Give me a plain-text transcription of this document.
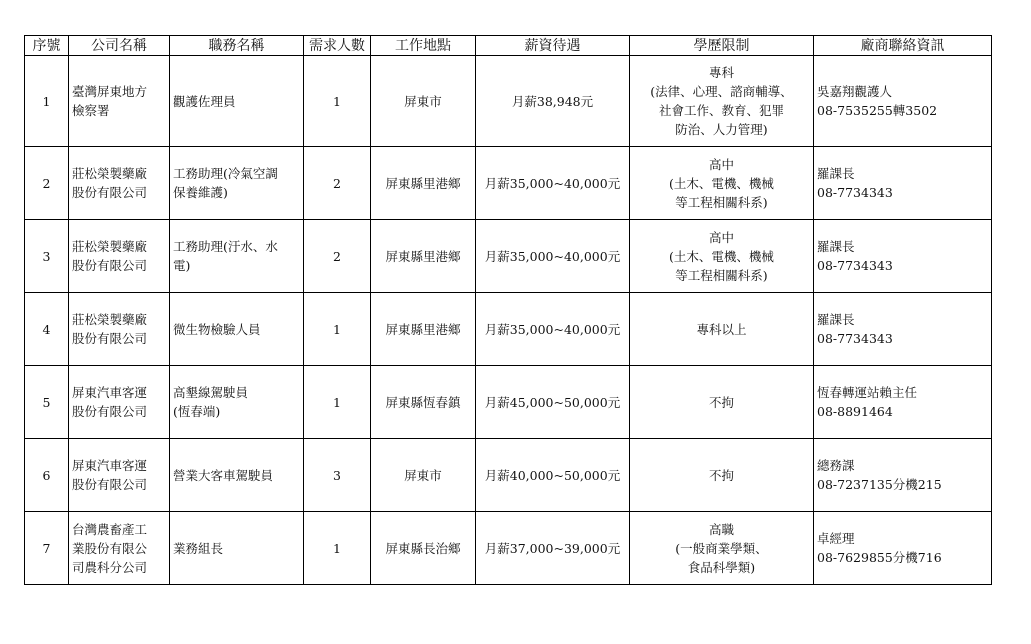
序號	公司名稱	職務名稱	需求人數	工作地點	薪資待遇	學歷限制	廠商聯絡資訊
1	臺灣屏東地方
檢察署	觀護佐理員	1	屏東市	月薪38,948元	專科
(法律、心理、諮商輔導、
社會工作、教育、犯罪
防治、人力管理)	吳嘉翔觀護人
08-7535255轉3502
2	莊松榮製藥廠
股份有限公司	工務助理(冷氣空調
保養維護)	2	屏東縣里港鄉	月薪35,000~40,000元	高中
(土木、電機、機械
等工程相關科系)	羅課長
08-7734343
3	莊松榮製藥廠
股份有限公司	工務助理(汙水、水
電)	2	屏東縣里港鄉	月薪35,000~40,000元	高中
(土木、電機、機械
等工程相關科系)	羅課長
08-7734343
4	莊松榮製藥廠
股份有限公司	微生物檢驗人員	1	屏東縣里港鄉	月薪35,000~40,000元	專科以上	羅課長
08-7734343
5	屏東汽車客運
股份有限公司	高墾線駕駛員
(恆春端)	1	屏東縣恆春鎮	月薪45,000~50,000元	不拘	恆春轉運站賴主任
08-8891464
6	屏東汽車客運
股份有限公司	營業大客車駕駛員	3	屏東市	月薪40,000~50,000元	不拘	總務課
08-7237135分機215
7	台灣農畜產工
業股份有限公
司農科分公司	業務組長	1	屏東縣長治鄉	月薪37,000~39,000元	高職
(一般商業學類、
食品科學類)	卓經理
08-7629855分機716
